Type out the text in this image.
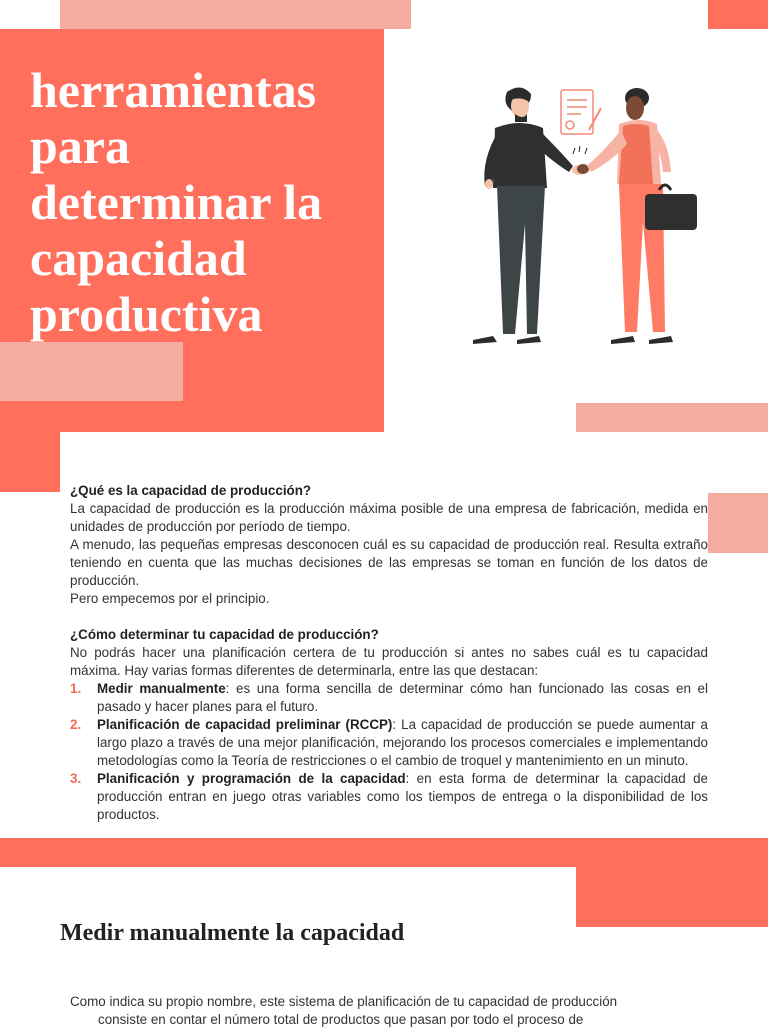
herramientas
para
determinar la
capacidad
productiva

¿Qué es la capacidad de producción?

La capacidad de producción es la producción máxima posible de una empresa de fabricación, medida en unidades de producción por período de tiempo.

A menudo, las pequeñas empresas desconocen cuál es su capacidad de producción real. Resulta extraño teniendo en cuenta que las muchas decisiones de las empresas se toman en función de los datos de producción.

Pero empecemos por el principio.

¿Cómo determinar tu capacidad de producción?

No podrás hacer una planificación certera de tu producción si antes no sabes cuál es tu capacidad máxima. Hay varias formas diferentes de determinarla, entre las que destacan:

1. Medir manualmente: es una forma sencilla de determinar cómo han funcionado las cosas en el pasado y hacer planes para el futuro.
2. Planificación de capacidad preliminar (RCCP): La capacidad de producción se puede aumentar a largo plazo a través de una mejor planificación, mejorando los procesos comerciales e implementando metodologías como la Teoría de restricciones o el cambio de troquel y mantenimiento en un minuto.
3. Planificación y programación de la capacidad: en esta forma de determinar la capacidad de producción entran en juego otras variables como los tiempos de entrega o la disponibilidad de los productos.
Medir manualmente la capacidad

Como indica su propio nombre, este sistema de planificación de tu capacidad de producción
consiste en contar el número total de productos que pasan por todo el proceso de
